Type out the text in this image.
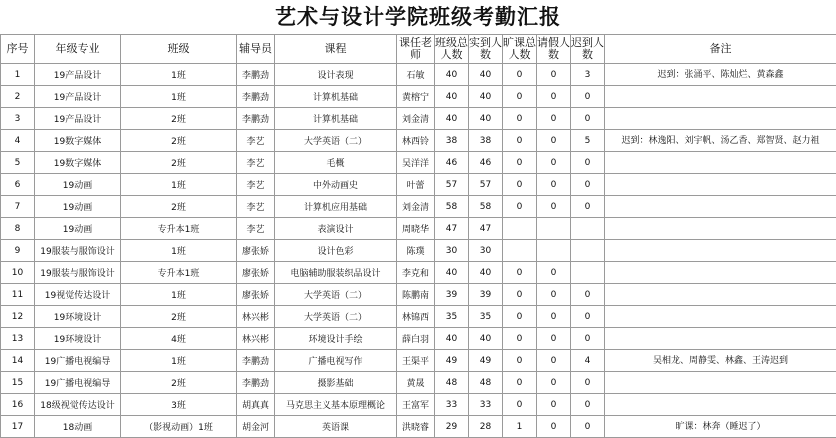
艺术与设计学院班级考勤汇报
序号	年级专业	班级	辅导员	课程	课任老师	班级总人数	实到人数	旷课总人数	请假人数	迟到人数	备注
1	19产品设计	1班	李鹏劲	设计表现	石敏	40	40	0	0	3	迟到：张涌平、陈灿烂、黄森鑫
2	19产品设计	1班	李鹏劲	计算机基础	黄榕宁	40	40	0	0	0	
3	19产品设计	2班	李鹏劲	计算机基础	刘金清	40	40	0	0	0	
4	19数字媒体	2班	李艺	大学英语（二）	林西铃	38	38	0	0	5	迟到：林逸阳、刘宇帆、汤乙香、郑智贤、赵力祖
5	19数字媒体	2班	李艺	毛概	吴洋洋	46	46	0	0	0	
6	19动画	1班	李艺	中外动画史	叶蕾	57	57	0	0	0	
7	19动画	2班	李艺	计算机应用基础	刘金清	58	58	0	0	0	
8	19动画	专升本1班	李艺	表演设计	周晓华	47	47				
9	19服装与服饰设计	1班	廖张娇	设计色彩	陈璞	30	30				
10	19服装与服饰设计	专升本1班	廖张娇	电脑辅助服装织品设计	李克和	40	40	0	0		
11	19视觉传达设计	1班	廖张娇	大学英语（二）	陈鹏南	39	39	0	0	0	
12	19环境设计	2班	林兴彬	大学英语（二）	林锦西	35	35	0	0	0	
13	19环境设计	4班	林兴彬	环境设计手绘	薛白羽	40	40	0	0	0	
14	19广播电视编导	1班	李鹏劲	广播电视写作	王渠平	49	49	0	0	4	吴相龙、周静雯、林鑫、王涛迟到
15	19广播电视编导	2班	李鹏劲	摄影基础	黄晟	48	48	0	0	0	
16	18级视觉传达设计	3班	胡真真	马克思主义基本原理概论	王富军	33	33	0	0	0	
17	18动画	（影视动画）1班	胡金河	英语课	洪晓睿	29	28	1	0	0	旷课：林奔（睡迟了）
